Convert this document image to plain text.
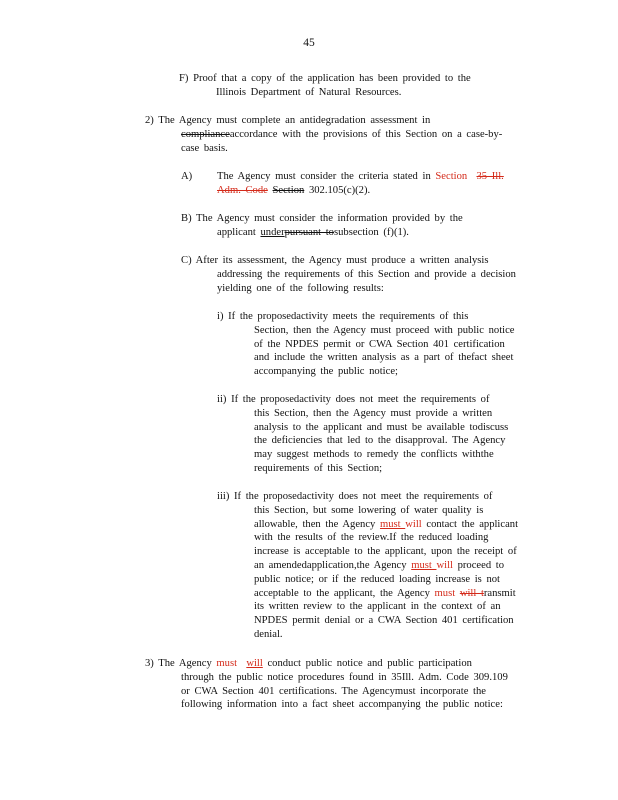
45
F) Proof that a copy of the application has been provided to the
Illinois Department of Natural Resources.
2) The Agency must complete an antidegradation assessment in
complianceaccordance with the provisions of this Section on a case-by-
case basis.
A) The Agency must consider the criteria stated in Section 35 Ill.
Adm. Code Section 302.105(c)(2).
B) The Agency must consider the information provided by the
applicant underpursuant tosubsection (f)(1).
C) After its assessment, the Agency must produce a written analysis
addressing the requirements of this Section and provide a decision
yielding one of the following results:
i) If the proposedactivity meets the requirements of this
Section, then the Agency must proceed with public notice
of the NPDES permit or CWA Section 401 certification
and include the written analysis as a part of thefact sheet
accompanying the public notice;
ii) If the proposedactivity does not meet the requirements of
this Section, then the Agency must provide a written
analysis to the applicant and must be available todiscuss
the deficiencies that led to the disapproval. The Agency
may suggest methods to remedy the conflicts withthe
requirements of this Section;
iii) If the proposedactivity does not meet the requirements of
this Section, but some lowering of water quality is
allowable, then the Agency must will contact the applicant
with the results of the review.If the reduced loading
increase is acceptable to the applicant, upon the receipt of
an amendedapplication,the Agency must will proceed to
public notice; or if the reduced loading increase is not
acceptable to the applicant, the Agency must will transmit
its written review to the applicant in the context of an
NPDES permit denial or a CWA Section 401 certification
denial.
3) The Agency must will conduct public notice and public participation
through the public notice procedures found in 35Ill. Adm. Code 309.109
or CWA Section 401 certifications. The Agencymust incorporate the
following information into a fact sheet accompanying the public notice:
